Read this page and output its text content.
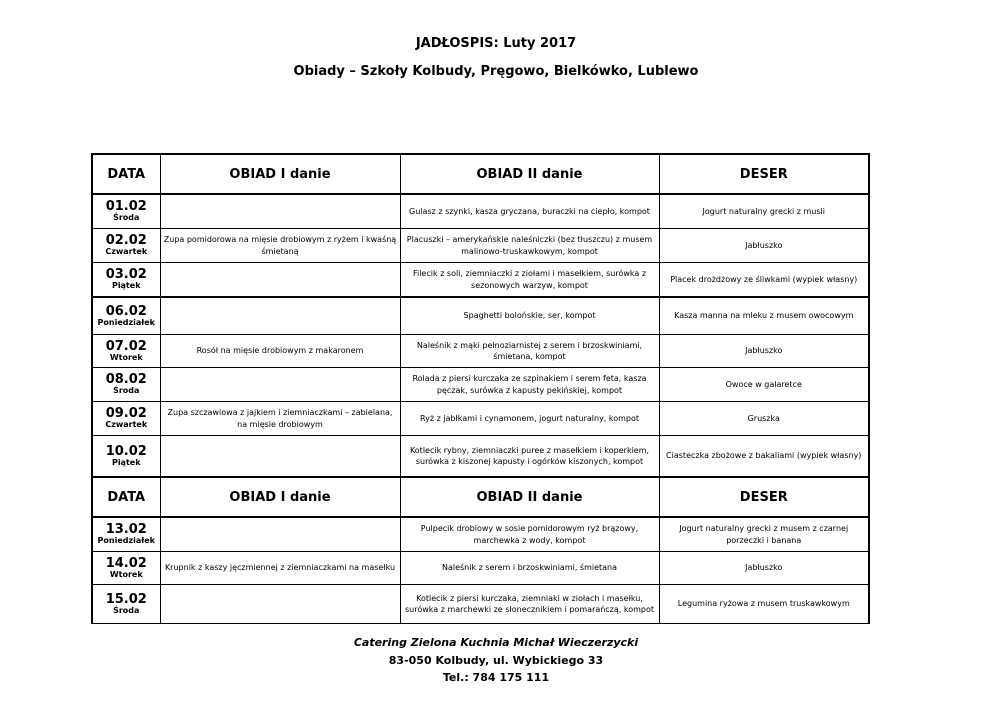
JADŁOSPIS: Luty 2017
Obiady – Szkoły Kolbudy, Pręgowo, Bielkówko, Lublewo
DATA	OBIAD I danie	OBIAD II danie	DESER

01.02
Środa		Gulasz z szynki, kasza gryczana, buraczki na ciepło, kompot	Jogurt naturalny grecki z musli

02.02
Czwartek	Zupa pomidorowa na mięsie drobiowym z ryżem i kwaśną śmietaną	Placuszki – amerykańskie naleśniczki (bez tłuszczu) z musem malinowo-truskawkowym, kompot	Jabłuszko

03.02
Piątek		Filecik z soli, ziemniaczki z ziołami i masełkiem, surówka z sezonowych warzyw, kompot	Placek drożdżowy ze śliwkami (wypiek własny)

06.02
Poniedziałek		Spaghetti bolońskie, ser, kompot	Kasza manna na mleku z musem owocowym

07.02
Wtorek	Rosół na mięsie drobiowym z makaronem	Naleśnik z mąki pełnoziarnistej z serem i brzoskwiniami, śmietana, kompot	Jabłuszko

08.02
Środa		Rolada z piersi kurczaka ze szpinakiem i serem feta, kasza pęczak, surówka z kapusty pekińskiej, kompot	Owoce w galaretce

09.02
Czwartek	Zupa szczawiowa z jajkiem i ziemniaczkami – zabielana, na mięsie drobiowym	Ryż z jabłkami i cynamonem, jogurt naturalny, kompot	Gruszka

10.02
Piątek		Kotlecik rybny, ziemniaczki puree z masełkiem i koperkiem, surówka z kiszonej kapusty i ogórków kiszonych, kompot	Ciasteczka zbożowe z bakaliami (wypiek własny)
DATA	OBIAD I danie	OBIAD II danie	DESER

13.02
Poniedziałek		Pulpecik drobiowy w sosie pomidorowym ryż brązowy, marchewka z wody, kompot	Jogurt naturalny grecki z musem z czarnej porzeczki i banana

14.02
Wtorek	Krupnik z kaszy jęczmiennej z ziemniaczkami na masełku	Naleśnik z serem i brzoskwiniami, śmietana	Jabłuszko

15.02
Środa		Kotlecik z piersi kurczaka, ziemniaki w ziołach i masełku, surówka z marchewki ze słonecznikiem i pomarańczą, kompot	Legumina ryżowa z musem truskawkowym
Catering Zielona Kuchnia Michał Wieczerzycki
83-050 Kolbudy, ul. Wybickiego 33
Tel.: 784 175 111
